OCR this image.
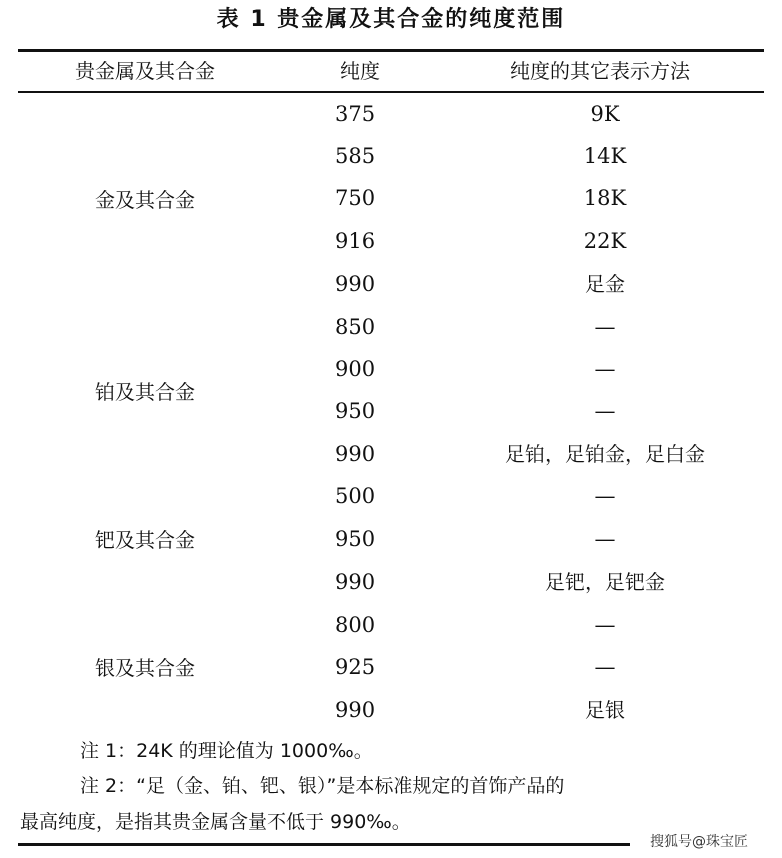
表 1 贵金属及其合金的纯度范围
贵金属及其合金	纯度	纯度的其它表示方法
金及其合金
375	9K
585	14K
750	18K
916	22K
990	足金
铂及其合金
850	—
900	—
950	—
990	足铂，足铂金，足白金
钯及其合金
500	—
950	—
990	足钯，足钯金
银及其合金
800	—
925	—
990	足银
注 1：24K 的理论值为 1000‰。
注 2：“足（金、铂、钯、银）”是本标准规定的首饰产品的
最高纯度，是指其贵金属含量不低于 990‰。
搜狐号@珠宝匠
